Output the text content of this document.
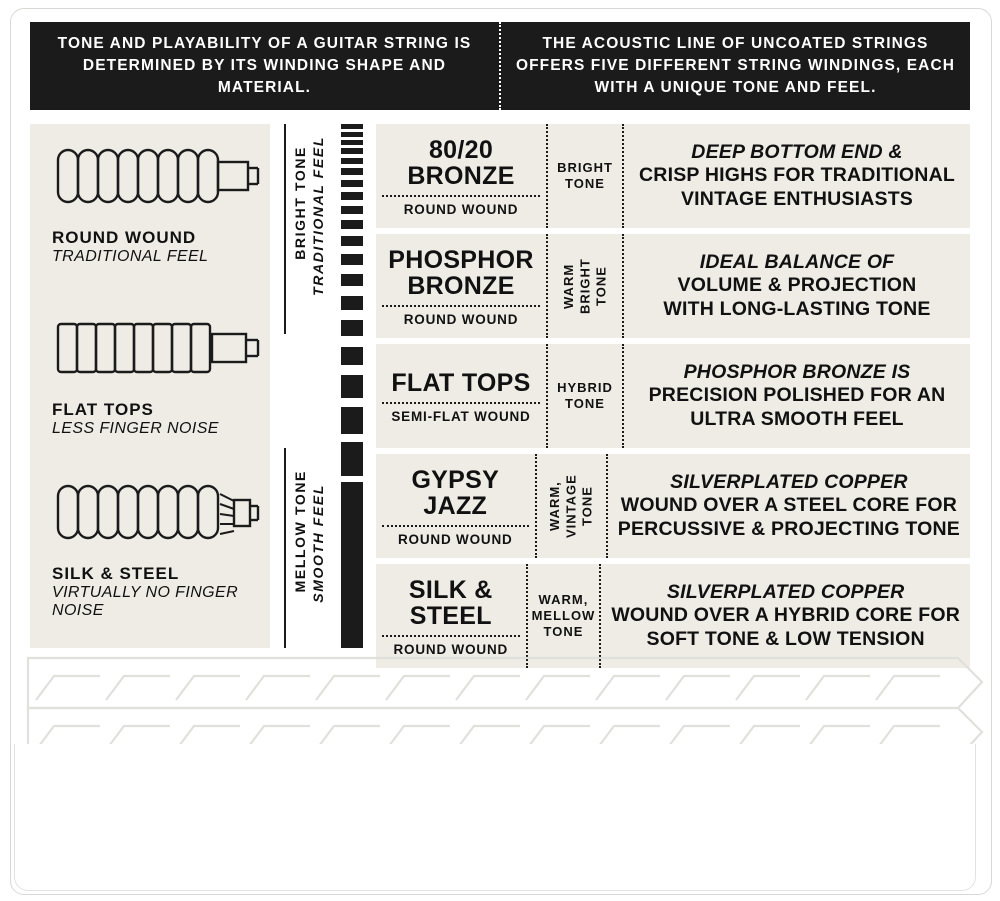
TONE AND PLAYABILITY OF A GUITAR STRING IS DETERMINED BY ITS WINDING SHAPE AND MATERIAL.

THE ACOUSTIC LINE OF UNCOATED STRINGS OFFERS FIVE DIFFERENT STRING WINDINGS, EACH WITH A UNIQUE TONE AND FEEL.

ROUND WOUND
TRADITIONAL FEEL
FLAT TOPS
LESS FINGER NOISE
SILK & STEEL
VIRTUALLY NO FINGER NOISE
BRIGHT TONE TRADITIONAL FEEL
MELLOW TONE SMOOTH FEEL
80/20 BRONZE
ROUND WOUND
BRIGHT TONE
DEEP BOTTOM END &
CRISP HIGHS FOR TRADITIONAL
VINTAGE ENTHUSIASTS
PHOSPHOR BRONZE
ROUND WOUND
WARM BRIGHT TONE
IDEAL BALANCE OF
VOLUME & PROJECTION
WITH LONG-LASTING TONE
FLAT TOPS
SEMI-FLAT WOUND
HYBRID TONE
PHOSPHOR BRONZE IS
PRECISION POLISHED FOR AN
ULTRA SMOOTH FEEL
GYPSY JAZZ
ROUND WOUND
WARM, VINTAGE TONE
SILVERPLATED COPPER
WOUND OVER A STEEL CORE FOR
PERCUSSIVE & PROJECTING TONE
SILK & STEEL
ROUND WOUND
WARM, MELLOW TONE
SILVERPLATED COPPER
WOUND OVER A HYBRID CORE FOR
SOFT TONE & LOW TENSION
